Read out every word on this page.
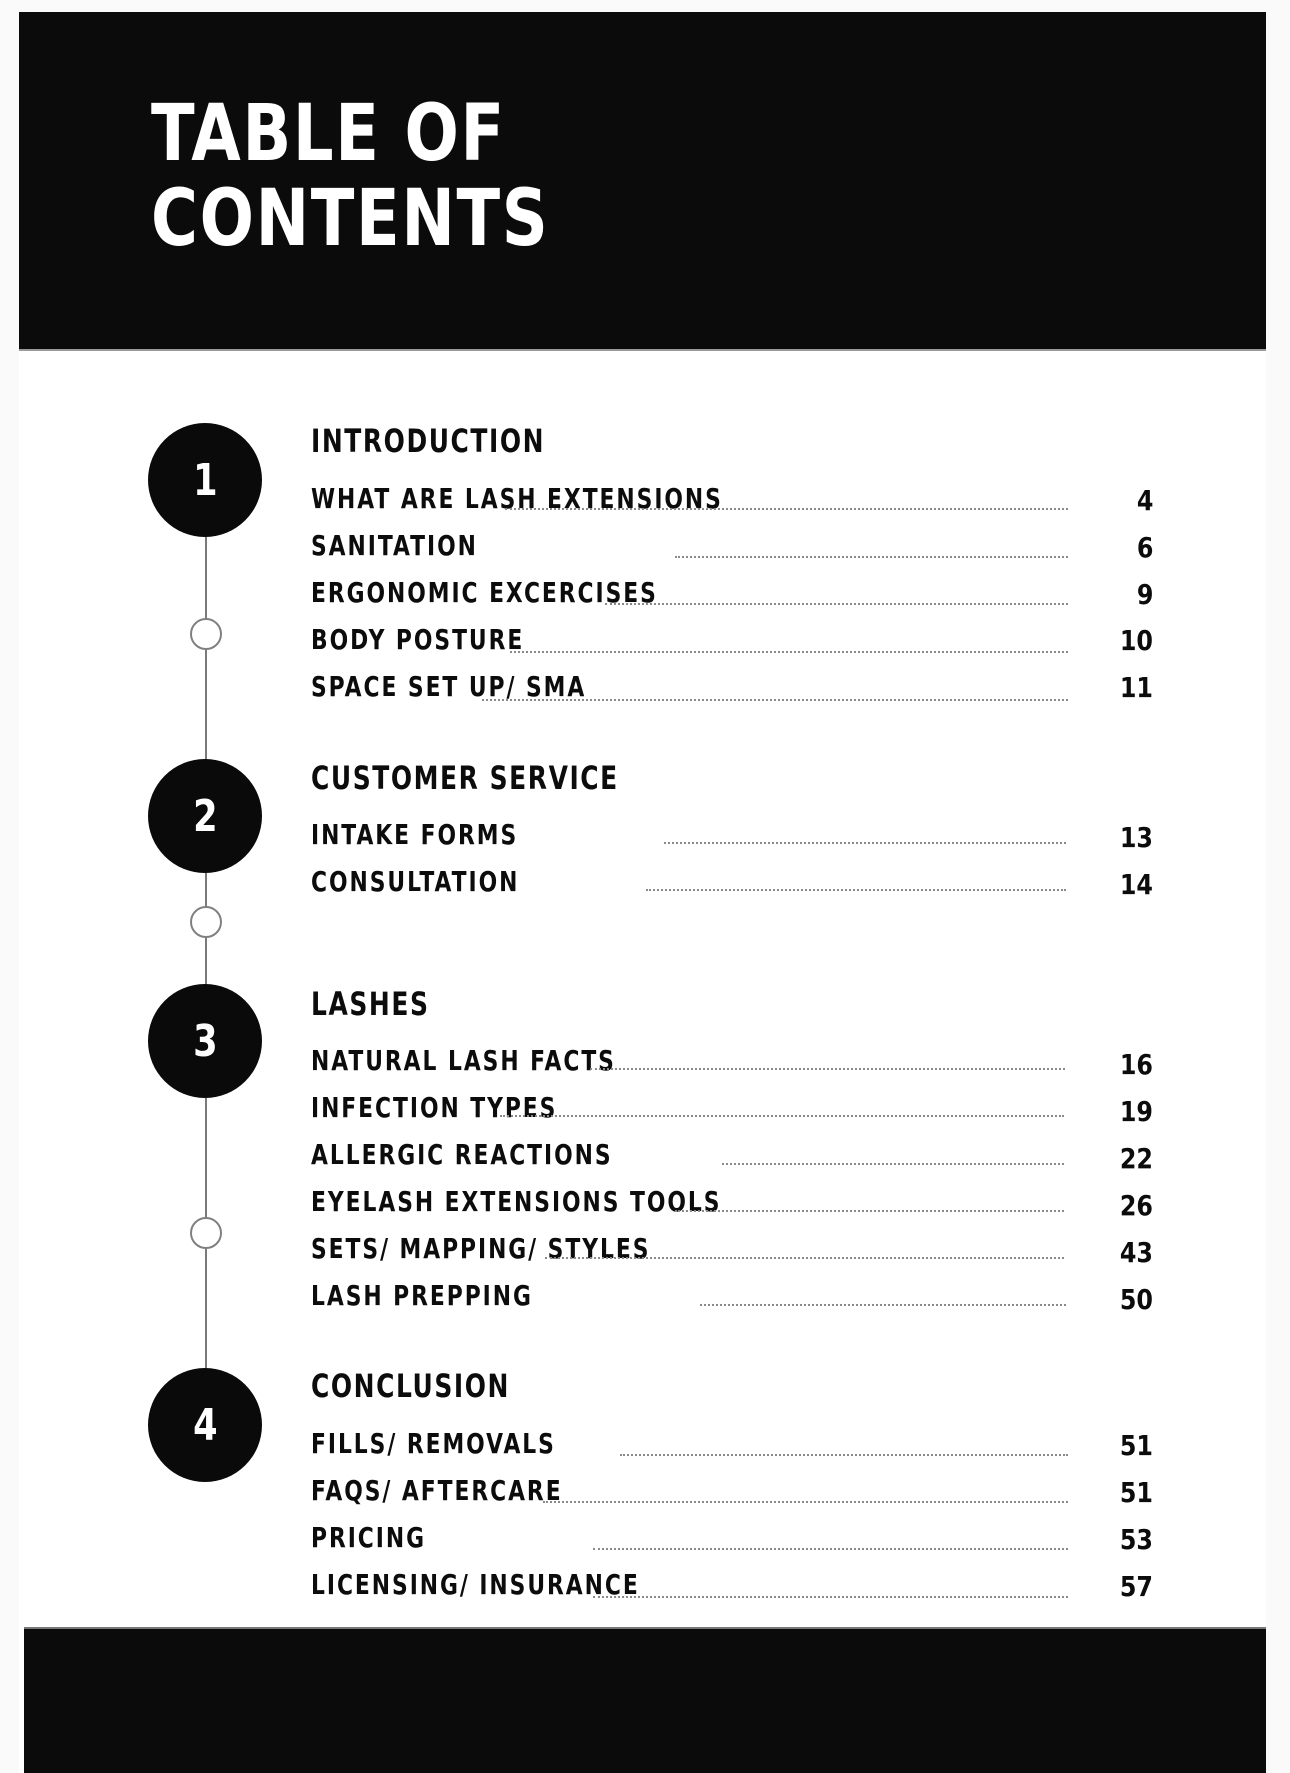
TABLE OF
CONTENTS
1
2
3
4
INTRODUCTION
WHAT ARE LASH EXTENSIONS	4
SANITATION	6
ERGONOMIC EXCERCISES	9
BODY POSTURE	10
SPACE SET UP/ SMA	11
CUSTOMER SERVICE
INTAKE FORMS	13
CONSULTATION	14
LASHES
NATURAL LASH FACTS	16
INFECTION TYPES	19
ALLERGIC REACTIONS	22
EYELASH EXTENSIONS TOOLS	26
SETS/ MAPPING/ STYLES	43
LASH PREPPING	50
CONCLUSION
FILLS/ REMOVALS	51
FAQS/ AFTERCARE	51
PRICING	53
LICENSING/ INSURANCE	57
